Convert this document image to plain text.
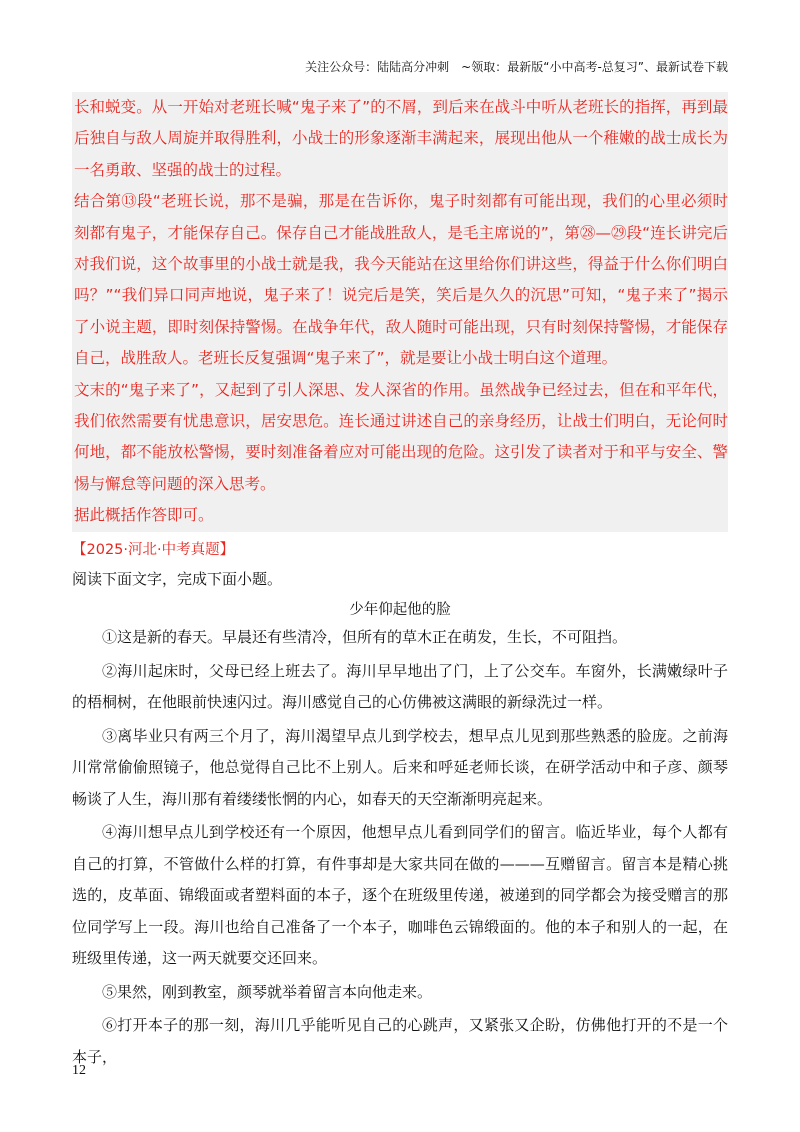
关注公众号：陆陆高分冲刺　~领取：最新版“小中高考-总复习”、最新试卷下载

长和蜕变。从一开始对老班长喊“鬼子来了”的不屑，到后来在战斗中听从老班长的指挥，再到最后独自与敌人周旋并取得胜利，小战士的形象逐渐丰满起来，展现出他从一个稚嫩的战士成长为一名勇敢、坚强的战士的过程。

结合第⑬段“老班长说，那不是骗，那是在告诉你，鬼子时刻都有可能出现，我们的心里必须时刻都有鬼子，才能保存自己。保存自己才能战胜敌人，是毛主席说的”，第㉘—㉙段“连长讲完后对我们说，这个故事里的小战士就是我，我今天能站在这里给你们讲这些，得益于什么你们明白吗？”“我们异口同声地说，鬼子来了！说完后是笑，笑后是久久的沉思”可知，“鬼子来了”揭示了小说主题，即时刻保持警惕。在战争年代，敌人随时可能出现，只有时刻保持警惕，才能保存自己，战胜敌人。老班长反复强调“鬼子来了”，就是要让小战士明白这个道理。

文末的“鬼子来了”，又起到了引人深思、发人深省的作用。虽然战争已经过去，但在和平年代，我们依然需要有忧患意识，居安思危。连长通过讲述自己的亲身经历，让战士们明白，无论何时何地，都不能放松警惕，要时刻准备着应对可能出现的危险。这引发了读者对于和平与安全、警惕与懈怠等问题的深入思考。

据此概括作答即可。

【2025·河北·中考真题】
阅读下面文字，完成下面小题。
少年仰起他的脸

①这是新的春天。早晨还有些清冷，但所有的草木正在萌发，生长，不可阻挡。

②海川起床时，父母已经上班去了。海川早早地出了门，上了公交车。车窗外，长满嫩绿叶子的梧桐树，在他眼前快速闪过。海川感觉自己的心仿佛被这满眼的新绿洗过一样。

③离毕业只有两三个月了，海川渴望早点儿到学校去，想早点儿见到那些熟悉的脸庞。之前海川常常偷偷照镜子，他总觉得自己比不上别人。后来和呼延老师长谈，在研学活动中和子彦、颜琴畅谈了人生，海川那有着缕缕怅惘的内心，如春天的天空渐渐明亮起来。

④海川想早点儿到学校还有一个原因，他想早点儿看到同学们的留言。临近毕业，每个人都有自己的打算，不管做什么样的打算，有件事却是大家共同在做的———互赠留言。留言本是精心挑选的，皮革面、锦缎面或者塑料面的本子，逐个在班级里传递，被递到的同学都会为接受赠言的那位同学写上一段。海川也给自己准备了一个本子，咖啡色云锦缎面的。他的本子和别人的一起，在班级里传递，这一两天就要交还回来。

⑤果然，刚到教室，颜琴就举着留言本向他走来。

⑥打开本子的那一刻，海川几乎能听见自己的心跳声，又紧张又企盼，仿佛他打开的不是一个本子，

12
